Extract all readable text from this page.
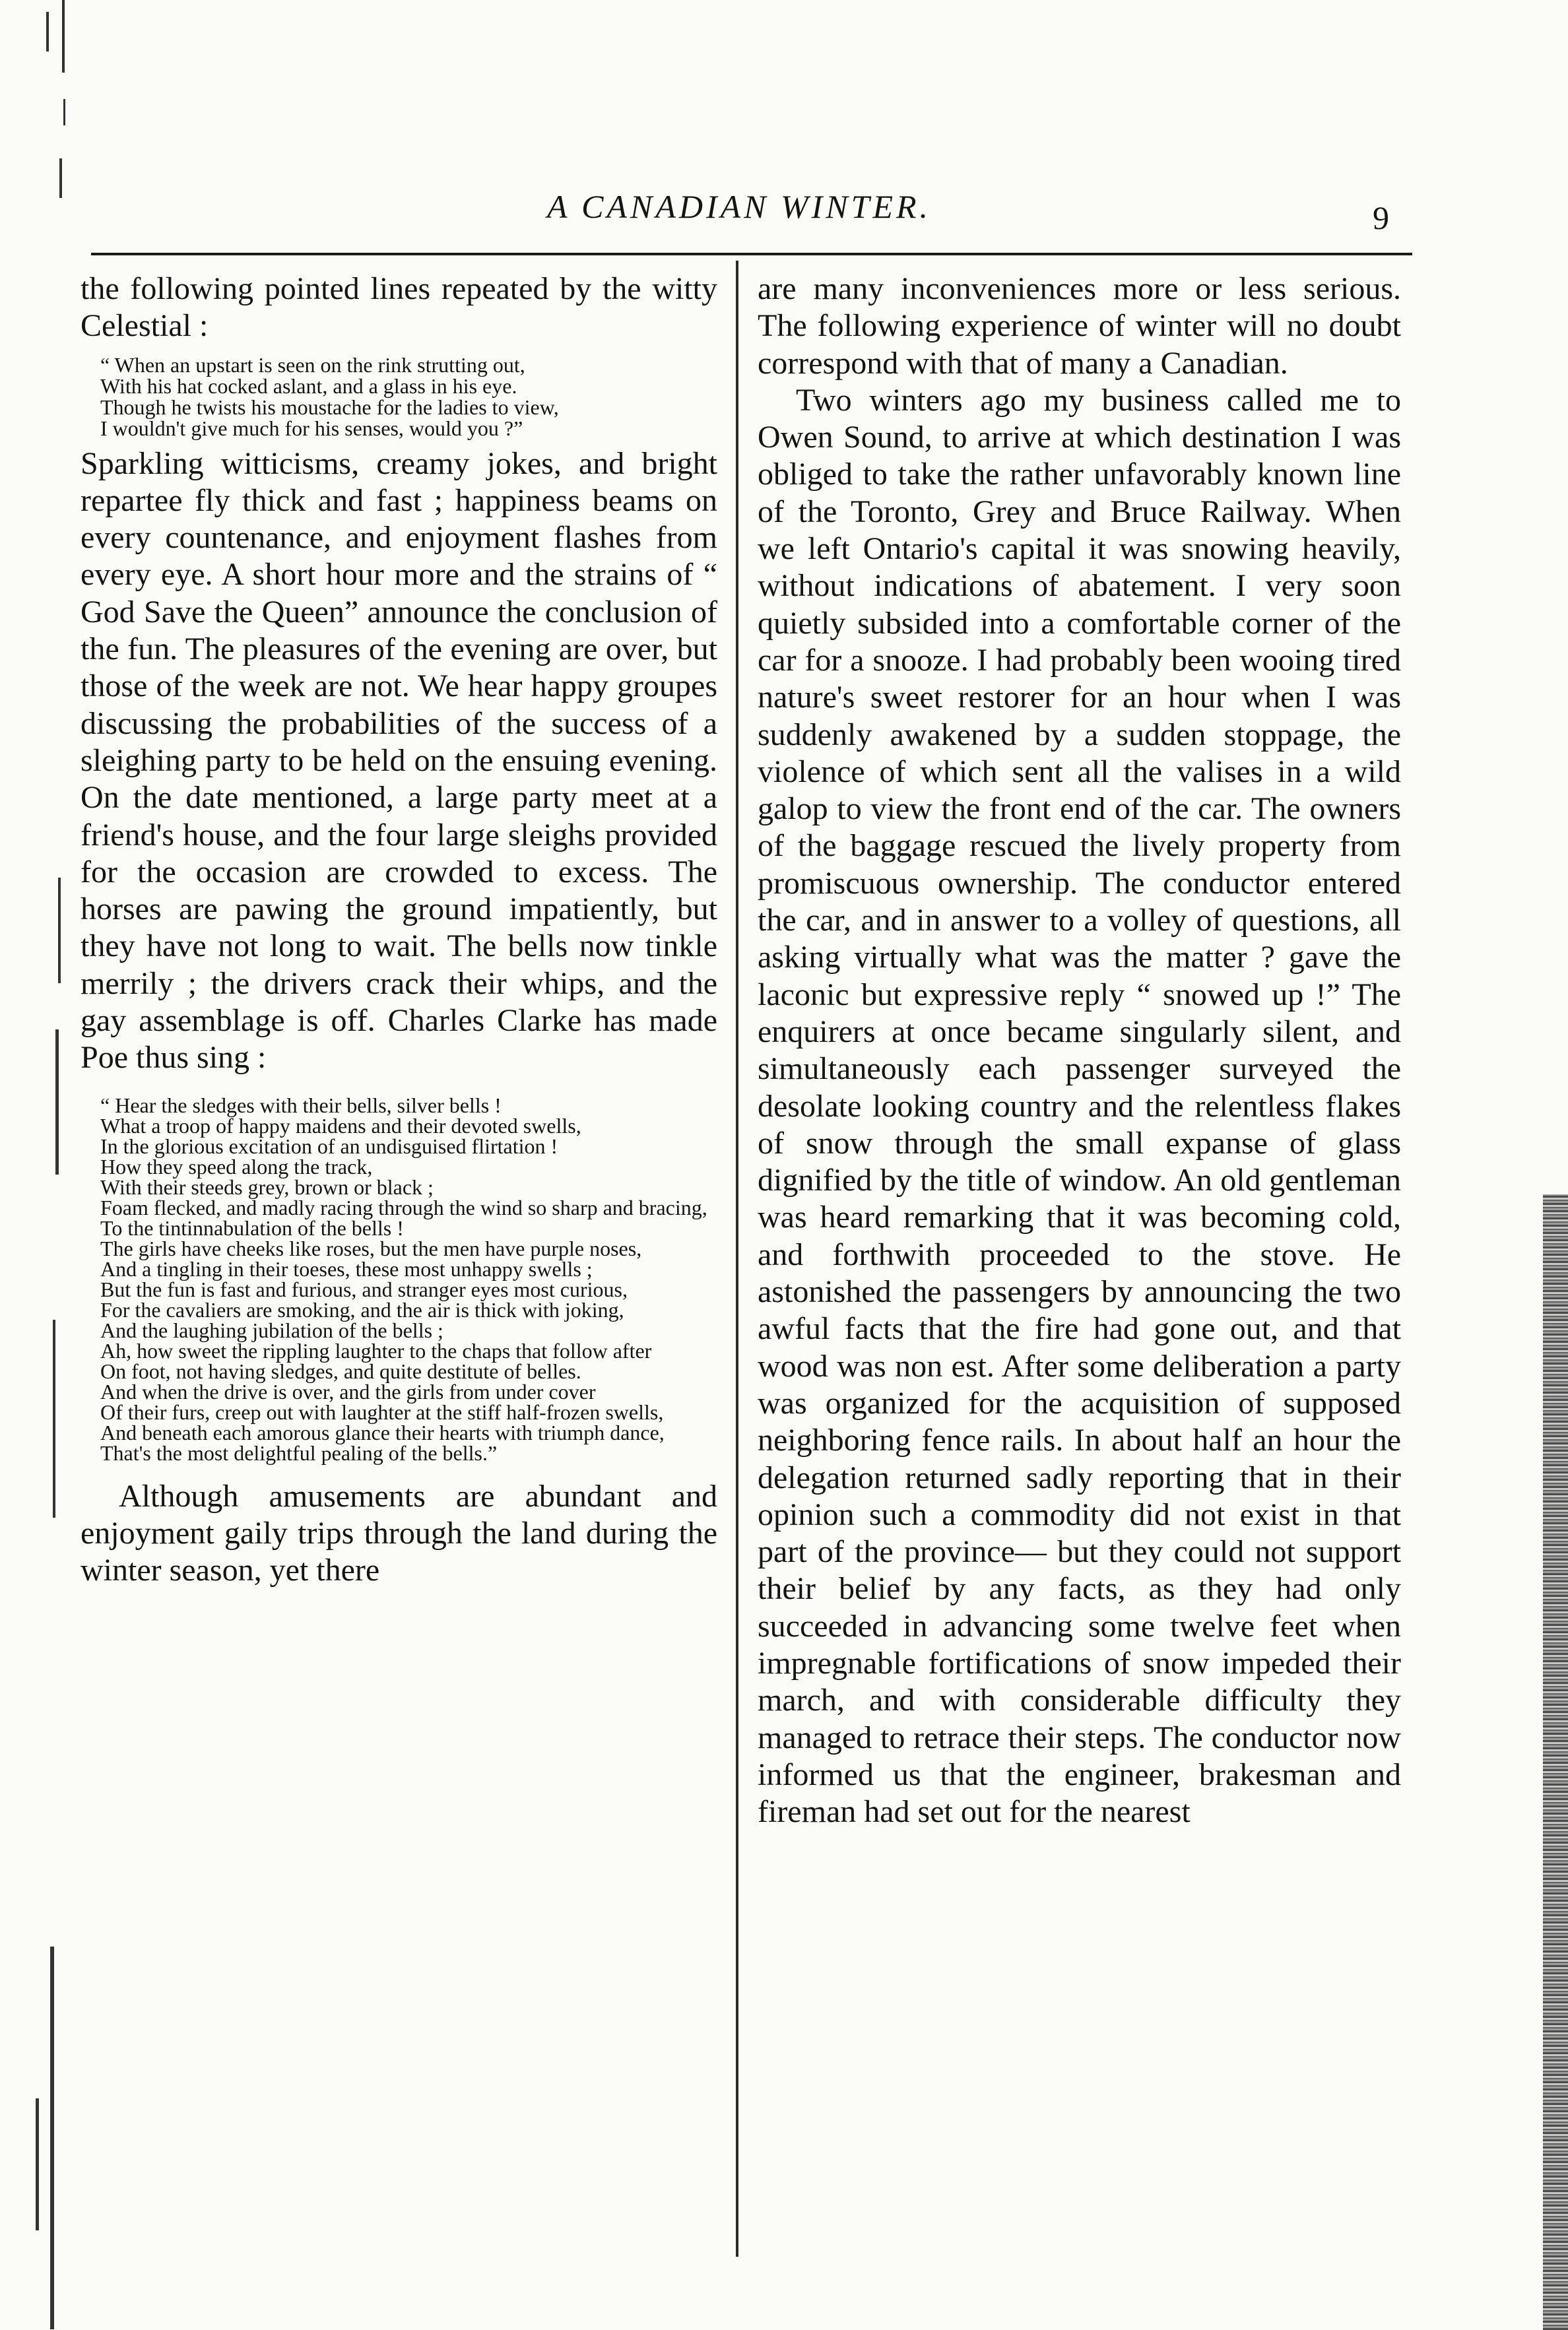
A CANADIAN WINTER.	9

the following pointed lines repeated by the witty Celestial :

“ When an upstart is seen on the rink strutting out,

With his hat cocked aslant, and a glass in his eye.

Though he twists his moustache for the ladies to view,

I wouldn't give much for his senses, would you ?”

Sparkling witticisms, creamy jokes, and bright repartee fly thick and fast ; happiness beams on every countenance, and enjoyment flashes from every eye. A short hour more and the strains of “ God Save the Queen” announce the conclusion of the fun. The pleasures of the evening are over, but those of the week are not. We hear happy groupes discussing the probabilities of the success of a sleighing party to be held on the ensuing evening. On the date mentioned, a large party meet at a friend's house, and the four large sleighs provided for the occasion are crowded to excess. The horses are pawing the ground impatiently, but they have not long to wait. The bells now tinkle merrily ; the drivers crack their whips, and the gay assemblage is off. Charles Clarke has made Poe thus sing :

“ Hear the sledges with their bells, silver bells !

What a troop of happy maidens and their devoted swells,

In the glorious excitation of an undisguised flirtation !

How they speed along the track,

With their steeds grey, brown or black ;

Foam flecked, and madly racing through the wind so sharp and bracing,

To the tintinnabulation of the bells !

The girls have cheeks like roses, but the men have purple noses,

And a tingling in their toeses, these most unhappy swells ;

But the fun is fast and furious, and stranger eyes most curious,

For the cavaliers are smoking, and the air is thick with joking,

And the laughing jubilation of the bells ;

Ah, how sweet the rippling laughter to the chaps that follow after

On foot, not having sledges, and quite destitute of belles.

And when the drive is over, and the girls from under cover

Of their furs, creep out with laughter at the stiff half-frozen swells,

And beneath each amorous glance their hearts with triumph dance,

That's the most delightful pealing of the bells.”

Although amusements are abundant and enjoyment gaily trips through the land during the winter season, yet there

are many inconveniences more or less serious. The following experience of winter will no doubt correspond with that of many a Canadian.

Two winters ago my business called me to Owen Sound, to arrive at which destination I was obliged to take the rather unfavorably known line of the Toronto, Grey and Bruce Railway. When we left Ontario's capital it was snowing heavily, without indications of abatement. I very soon quietly subsided into a comfortable corner of the car for a snooze. I had probably been wooing tired nature's sweet restorer for an hour when I was suddenly awakened by a sudden stoppage, the violence of which sent all the valises in a wild galop to view the front end of the car. The owners of the baggage rescued the lively property from promiscuous ownership. The conductor entered the car, and in answer to a volley of questions, all asking virtually what was the matter ? gave the laconic but expressive reply “ snowed up !” The enquirers at once became singularly silent, and simultaneously each passenger surveyed the desolate looking country and the relentless flakes of snow through the small expanse of glass dignified by the title of window. An old gentleman was heard remarking that it was becoming cold, and forthwith proceeded to the stove. He astonished the passengers by announcing the two awful facts that the fire had gone out, and that wood was non est. After some deliberation a party was organized for the acquisition of supposed neighboring fence rails. In about half an hour the delegation returned sadly reporting that in their opinion such a commodity did not exist in that part of the province— but they could not support their belief by any facts, as they had only succeeded in advancing some twelve feet when impregnable fortifications of snow impeded their march, and with considerable difficulty they managed to retrace their steps. The conductor now informed us that the engineer, brakesman and fireman had set out for the nearest
